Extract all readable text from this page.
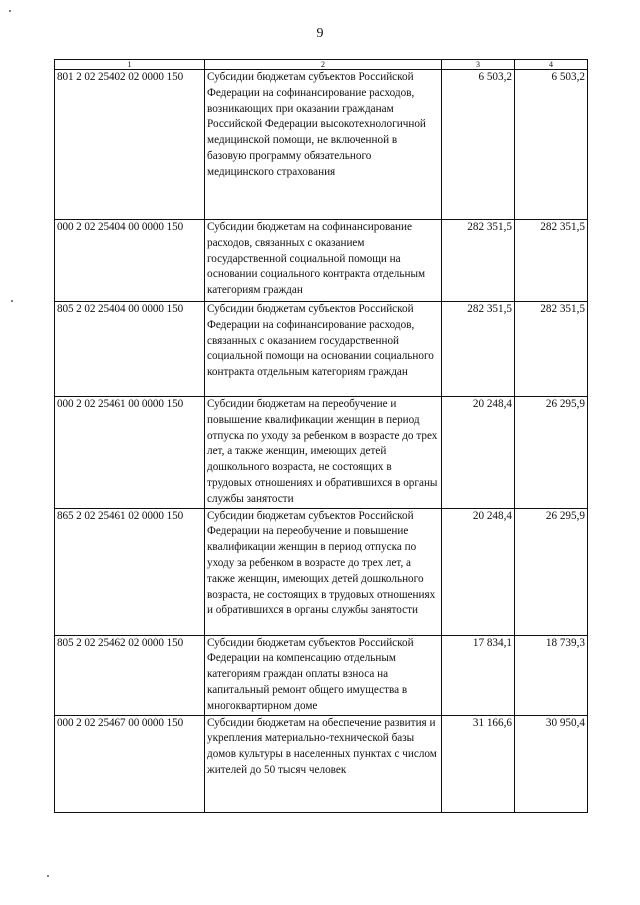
9
1	2	3	4
801 2 02 25402 02 0000 150	Субсидии бюджетам субъектов Российской Федерации на софинансирование расходов, возникающих при оказании гражданам Российской Федерации высокотехнологичной медицинской помощи, не включенной в базовую программу обязательного медицинского страхования	6 503,2	6 503,2
000 2 02 25404 00 0000 150	Субсидии бюджетам на софинансирование расходов, связанных с оказанием государственной социальной помощи на основании социального контракта отдельным категориям граждан	282 351,5	282 351,5
805 2 02 25404 00 0000 150	Субсидии бюджетам субъектов Российской Федерации на софинансирование расходов, связанных с оказанием государственной социальной помощи на основании социального контракта отдельным категориям граждан	282 351,5	282 351,5
000 2 02 25461 00 0000 150	Субсидии бюджетам на переобучение и повышение квалификации женщин в период отпуска по уходу за ребенком в возрасте до трех лет, а также женщин, имеющих детей дошкольного возраста, не состоящих в трудовых отношениях и обратившихся в органы службы занятости	20 248,4	26 295,9
865 2 02 25461 02 0000 150	Субсидии бюджетам субъектов Российской Федерации на переобучение и повышение квалификации женщин в период отпуска по уходу за ребенком в возрасте до трех лет, а также женщин, имеющих детей дошкольного возраста, не состоящих в трудовых отношениях и обратившихся в органы службы занятости	20 248,4	26 295,9
805 2 02 25462 02 0000 150	Субсидии бюджетам субъектов Российской Федерации на компенсацию отдельным категориям граждан оплаты взноса на капитальный ремонт общего имущества в многоквартирном доме	17 834,1	18 739,3
000 2 02 25467 00 0000 150	Субсидии бюджетам на обеспечение развития и укрепления материально-технической базы домов культуры в населенных пунктах с числом жителей до 50 тысяч человек	31 166,6	30 950,4
